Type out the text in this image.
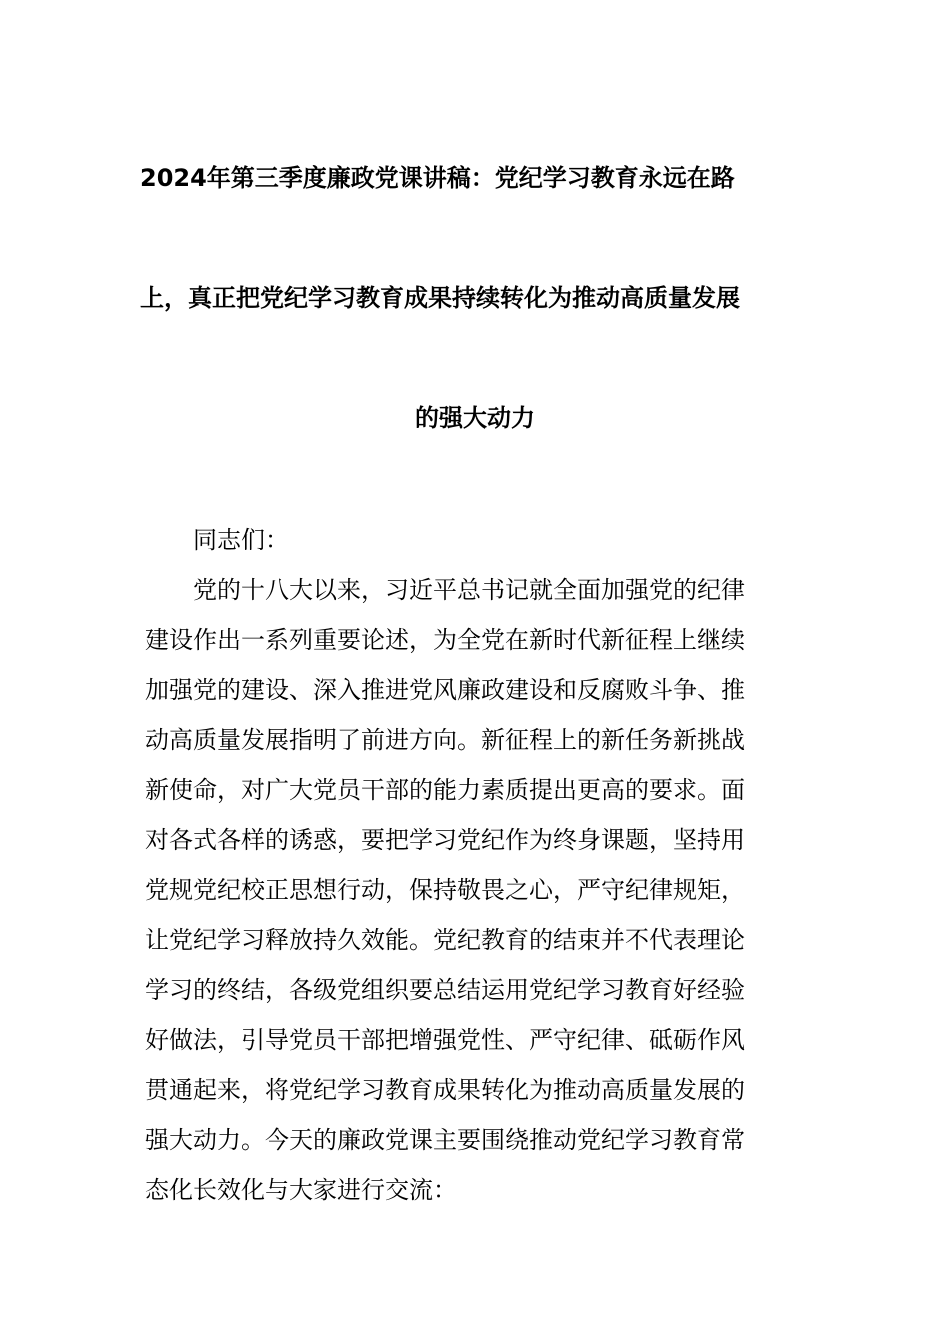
2024年第三季度廉政党课讲稿：党纪学习教育永远在路
上，真正把党纪学习教育成果持续转化为推动高质量发展
的强大动力

同志们：

党的十八大以来，习近平总书记就全面加强党的纪律
建设作出一系列重要论述，为全党在新时代新征程上继续
加强党的建设、深入推进党风廉政建设和反腐败斗争、推
动高质量发展指明了前进方向。新征程上的新任务新挑战
新使命，对广大党员干部的能力素质提出更高的要求。面
对各式各样的诱惑，要把学习党纪作为终身课题，坚持用
党规党纪校正思想行动，保持敬畏之心，严守纪律规矩，
让党纪学习释放持久效能。党纪教育的结束并不代表理论
学习的终结，各级党组织要总结运用党纪学习教育好经验
好做法，引导党员干部把增强党性、严守纪律、砥砺作风
贯通起来，将党纪学习教育成果转化为推动高质量发展的
强大动力。今天的廉政党课主要围绕推动党纪学习教育常
态化长效化与大家进行交流：
